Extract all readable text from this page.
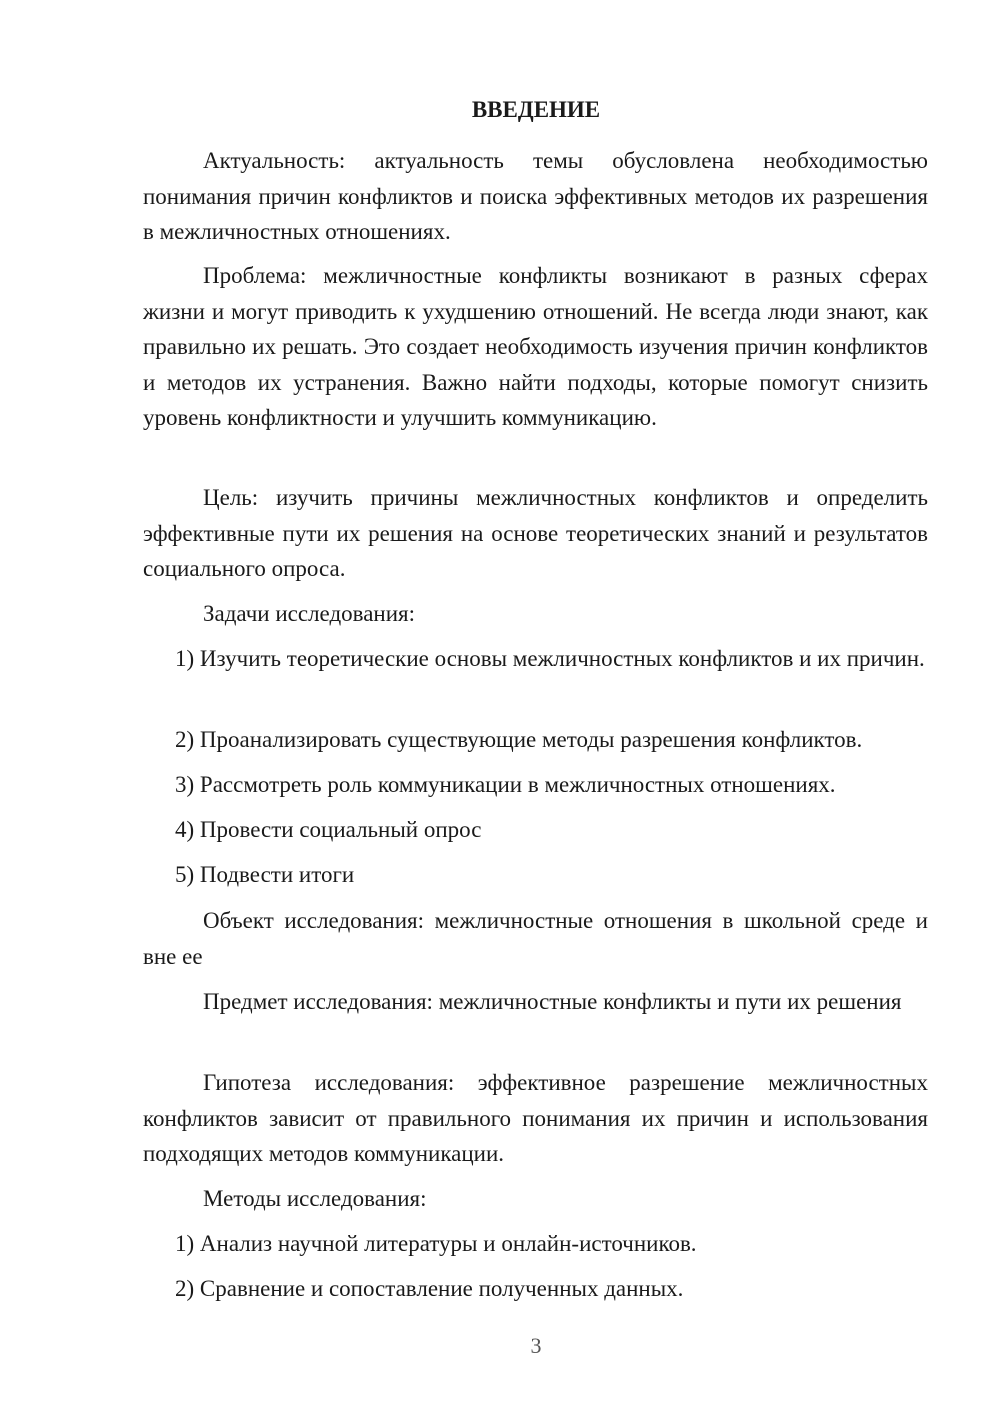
ВВЕДЕНИЕ

Актуальность: актуальность темы обусловлена необходимостью понимания причин конфликтов и поиска эффективных методов их разрешения в межличностных отношениях.

Проблема: межличностные конфликты возникают в разных сферах жизни и могут приводить к ухудшению отношений. Не всегда люди знают, как правильно их решать. Это создает необходимость изучения причин конфликтов и методов их устранения. Важно найти подходы, которые помогут снизить уровень конфликтности и улучшить коммуникацию.

Цель: изучить причины межличностных конфликтов и определить эффективные пути их решения на основе теоретических знаний и результатов социального опроса.

Задачи исследования:

1) Изучить теоретические основы межличностных конфликтов и их причин.

2) Проанализировать существующие методы разрешения конфликтов.

3) Рассмотреть роль коммуникации в межличностных отношениях.

4) Провести социальный опрос

5) Подвести итоги

Объект исследования: межличностные отношения в школьной среде и вне ее

Предмет исследования: межличностные конфликты и пути их решения

Гипотеза исследования: эффективное разрешение межличностных конфликтов зависит от правильного понимания их причин и использования подходящих методов коммуникации.

Методы исследования:

1) Анализ научной литературы и онлайн-источников.

2) Сравнение и сопоставление полученных данных.

3
